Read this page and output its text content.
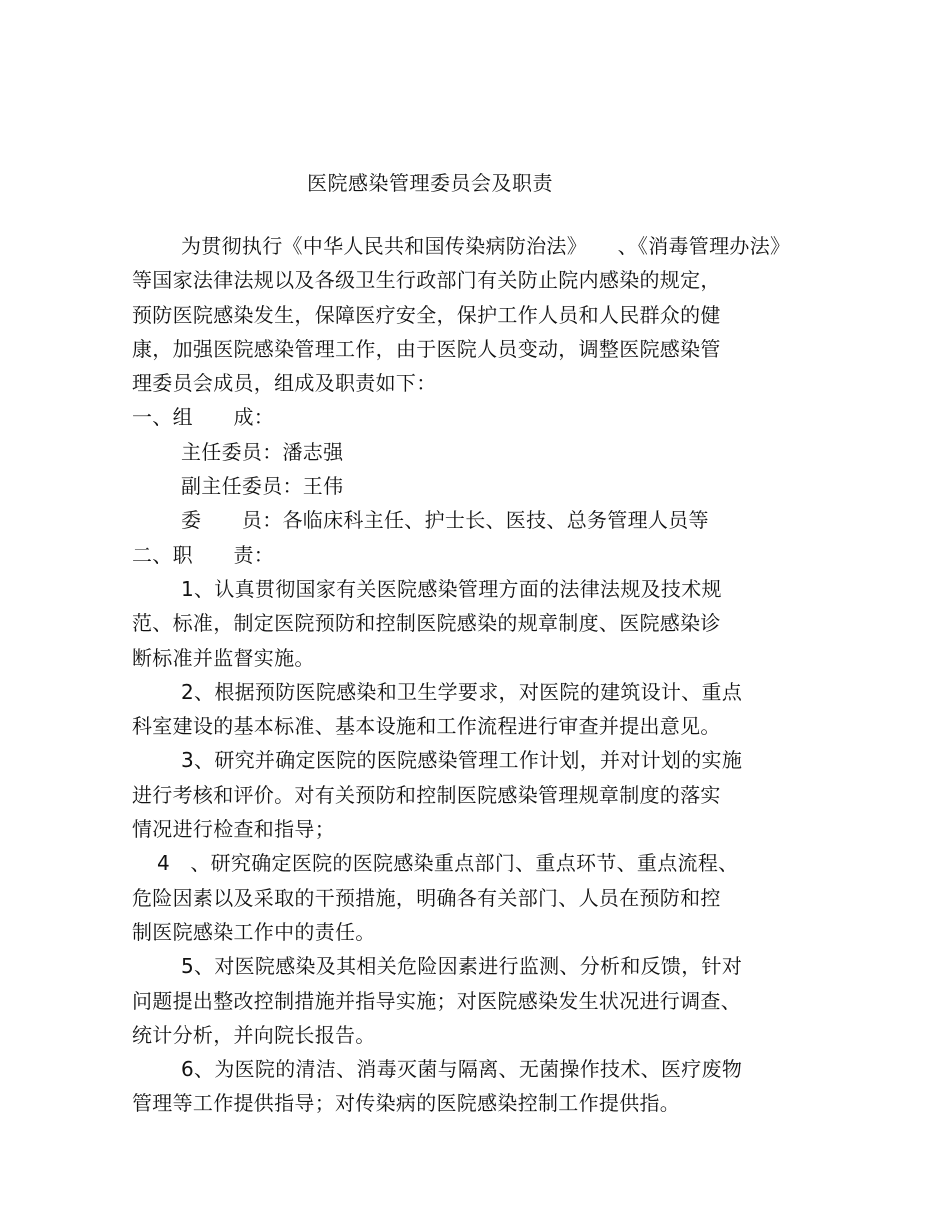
医院感染管理委员会及职责
为贯彻执行《中华人民共和国传染病防治法》　　、《消毒管理办法》
等国家法律法规以及各级卫生行政部门有关防止院内感染的规定，
预防医院感染发生，保障医疗安全，保护工作人员和人民群众的健
康，加强医院感染管理工作，由于医院人员变动，调整医院感染管
理委员会成员，组成及职责如下：
一、组　　成：
主任委员：潘志强
副主任委员：王伟
委　　员：各临床科主任、护士长、医技、总务管理人员等
二、职　　责：
1、认真贯彻国家有关医院感染管理方面的法律法规及技术规
范、标准，制定医院预防和控制医院感染的规章制度、医院感染诊
断标准并监督实施。
2、根据预防医院感染和卫生学要求，对医院的建筑设计、重点
科室建设的基本标准、基本设施和工作流程进行审查并提出意见。
3、研究并确定医院的医院感染管理工作计划，并对计划的实施
进行考核和评价。对有关预防和控制医院感染管理规章制度的落实
情况进行检查和指导；
4　、研究确定医院的医院感染重点部门、重点环节、重点流程、
危险因素以及采取的干预措施，明确各有关部门、人员在预防和控
制医院感染工作中的责任。
5、对医院感染及其相关危险因素进行监测、分析和反馈，针对
问题提出整改控制措施并指导实施；对医院感染发生状况进行调查、
统计分析，并向院长报告。
6、为医院的清洁、消毒灭菌与隔离、无菌操作技术、医疗废物
管理等工作提供指导；对传染病的医院感染控制工作提供指。
